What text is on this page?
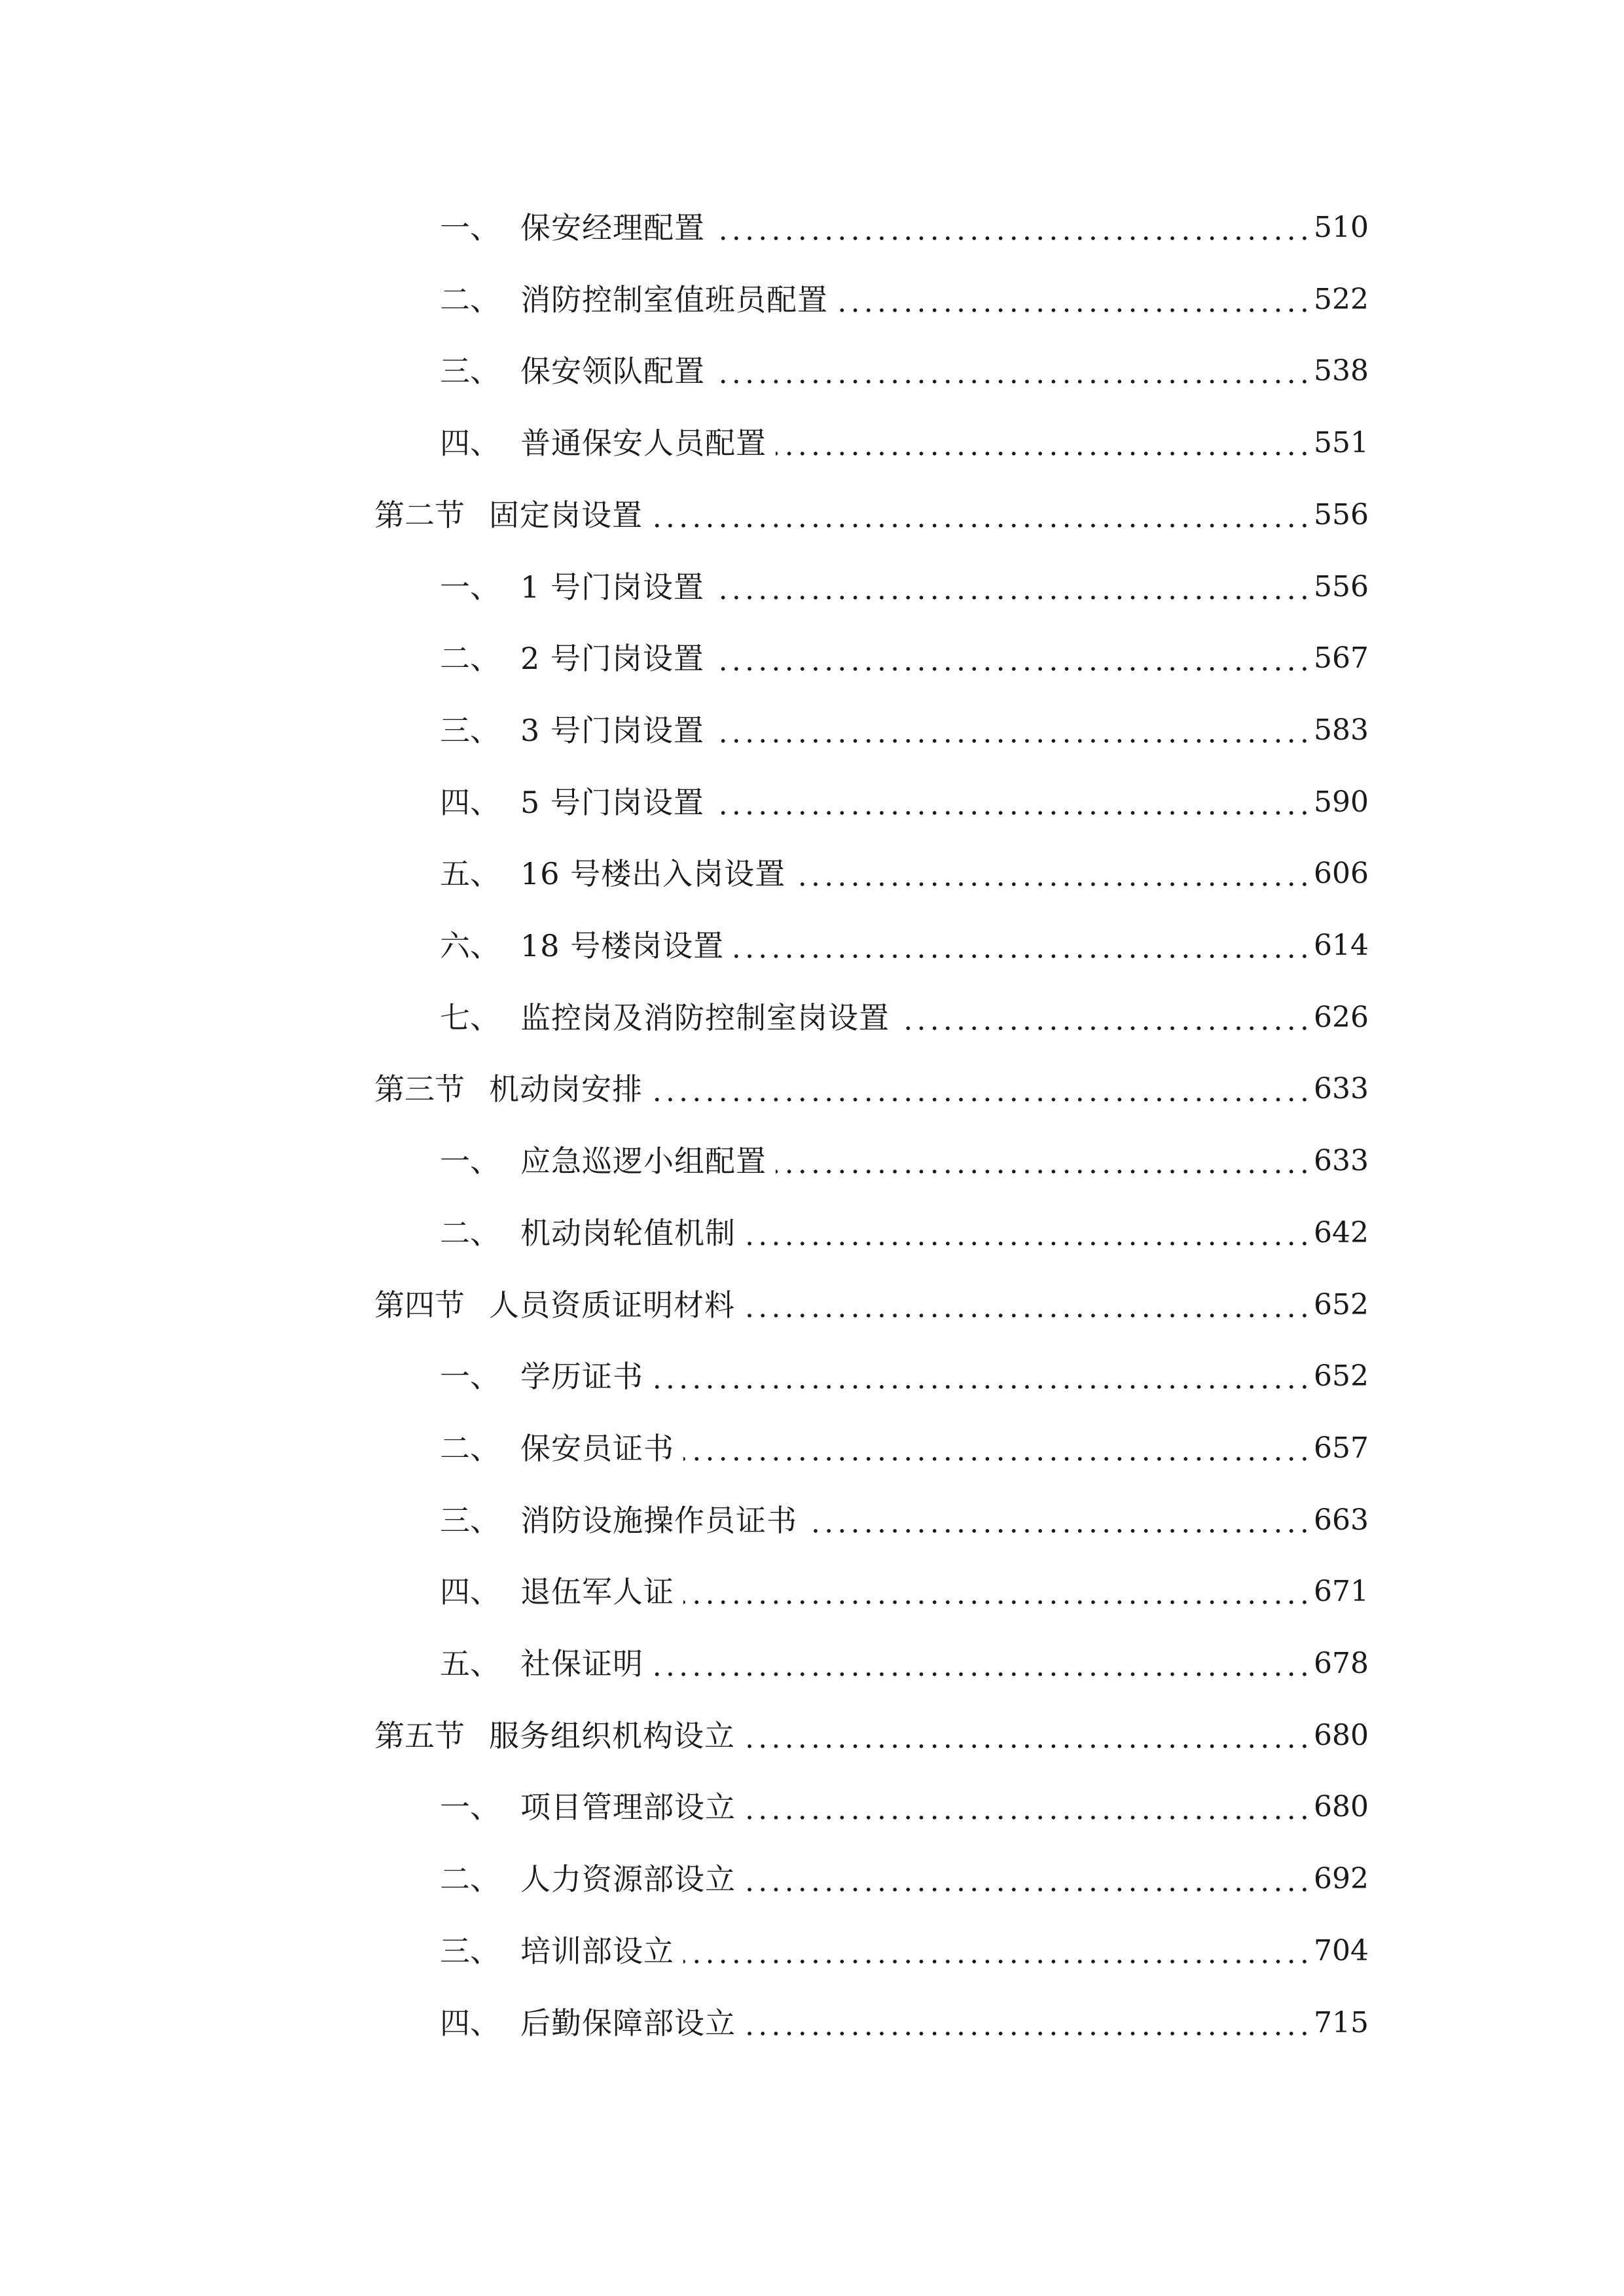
一、 保安经理配置	510
二、 消防控制室值班员配置	522
三、 保安领队配置	538
四、 普通保安人员配置	551
第二节 固定岗设置	556
一、 1 号门岗设置	556
二、 2 号门岗设置	567
三、 3 号门岗设置	583
四、 5 号门岗设置	590
五、 16 号楼出入岗设置	606
六、 18 号楼岗设置	614
七、 监控岗及消防控制室岗设置	626
第三节 机动岗安排	633
一、 应急巡逻小组配置	633
二、 机动岗轮值机制	642
第四节 人员资质证明材料	652
一、 学历证书	652
二、 保安员证书	657
三、 消防设施操作员证书	663
四、 退伍军人证	671
五、 社保证明	678
第五节 服务组织机构设立	680
一、 项目管理部设立	680
二、 人力资源部设立	692
三、 培训部设立	704
四、 后勤保障部设立	715
